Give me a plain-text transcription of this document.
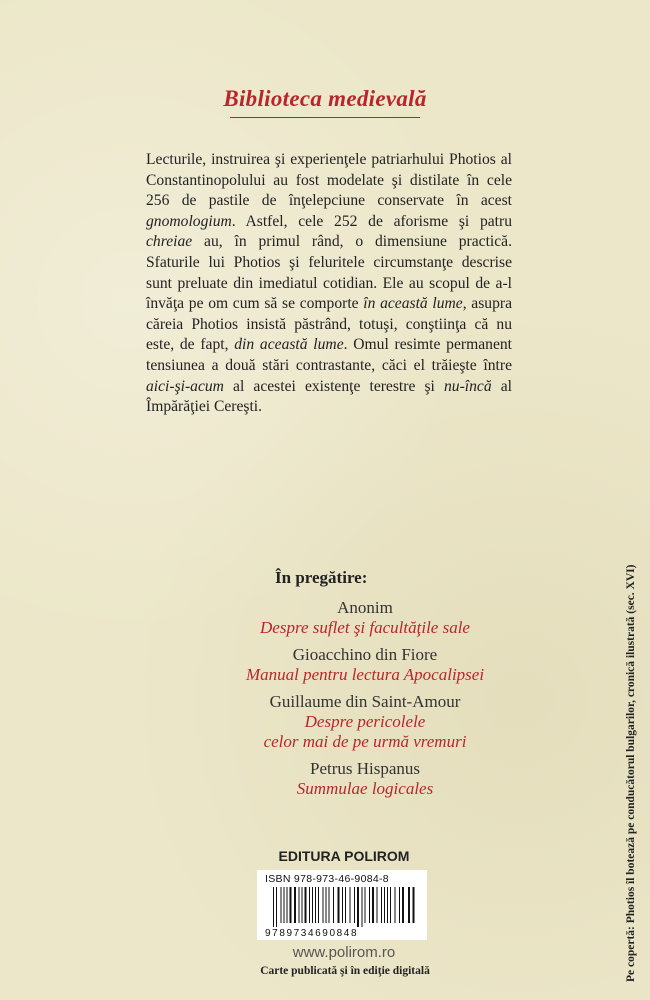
Biblioteca medievală

Lecturile, instruirea şi experienţele patriarhului Photios al Constantinopolului au fost modelate şi distilate în cele 256 de pastile de înţelepciune conservate în acest gnomologium. Astfel, cele 252 de aforisme şi patru chreiae au, în primul rând, o dimensiune practică. Sfaturile lui Photios şi feluritele circumstanţe descrise sunt preluate din imediatul cotidian. Ele au scopul de a-l învăţa pe om cum să se comporte în această lume, asupra căreia Photios insistă păstrând, totuşi, conştiinţa că nu este, de fapt, din această lume. Omul resimte permanent tensiunea a două stări contrastante, căci el trăieşte între aici-şi-acum al acestei existenţe terestre şi nu-încă al Împărăţiei Cereşti.

În pregătire:
Anonim
Despre suflet şi facultăţile sale
Gioacchino din Fiore
Manual pentru lectura Apocalipsei
Guillaume din Saint-Amour
Despre pericolele
celor mai de pe urmă vremuri
Petrus Hispanus
Summulae logicales
EDITURA POLIROM
ISBN 978-973-46-9084-8
9789734690848
www.polirom.ro
Carte publicată şi în ediţie digitală	Pe copertă: Photios îl botează pe conducătorul bulgarilor, cronică ilustrată (sec. XVI)
